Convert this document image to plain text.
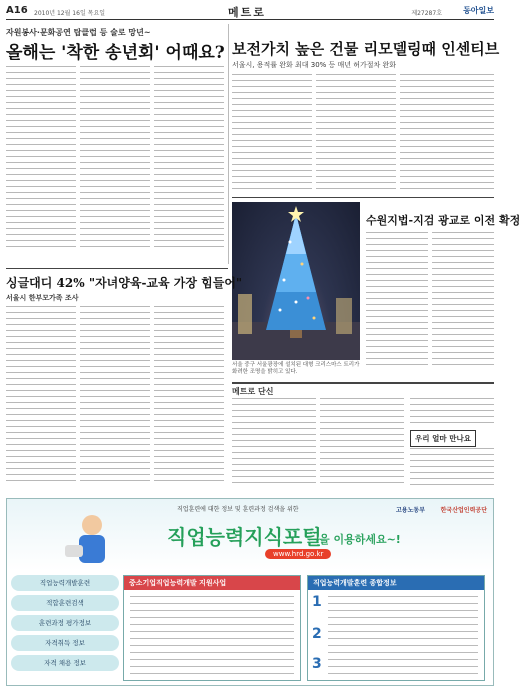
A16 2010년 12월 16일 목요일	메트로	제27287호	동아일보
자원봉사·문화공연 탑클럽 등 술로 망년~
올해는 '착한 송년회' 어때요? 보전가치 높은 건물 리모델링때 인센티브
서울시, 용적률 완화 최대 30% 등 매년 허가절차 완화
서울 중구 서울광장에 설치된 대형 크리스마스 트리가 화려한 조명을 밝히고 있다.
수원지법-지검 광교로 이전 확정
싱글대디 42% "자녀양육-교육 가장 힘들어"
서울시 한부모가족 조사
메트로 단신
우리 얼마 만나요
직업훈련에 대한 정보 및 훈련과정 검색을 위한	고용노동부	한국산업인력공단
직업능력지식포털
을 이용하세요~!
www.hrd.go.kr
직업능력개발훈련
적합훈련검색
훈련과정 평가정보
자격취득 정보
자격 채용 정보
중소기업직업능력개발 지원사업	직업능력개발훈련 종합정보
1
2
3
